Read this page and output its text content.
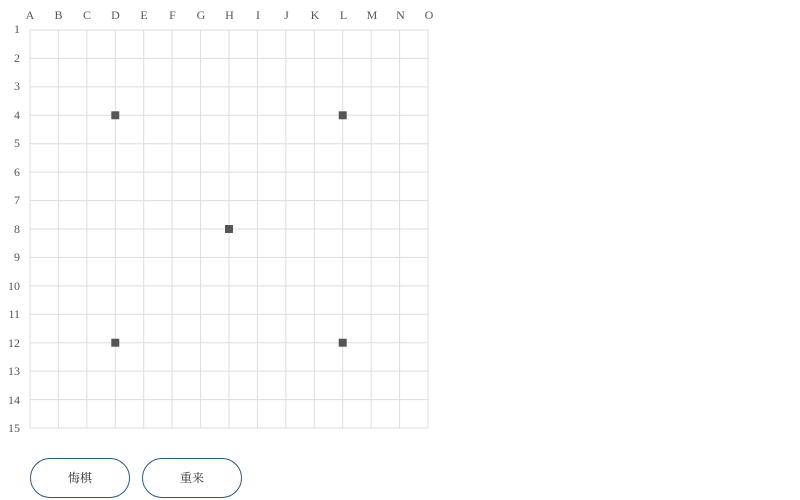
A	B	C	D	E	F	G	H	I	J	K	L	M	N	O
1
2
3
4
5
6
7
8
9
10
11
12
13
14
15
悔棋	重来
